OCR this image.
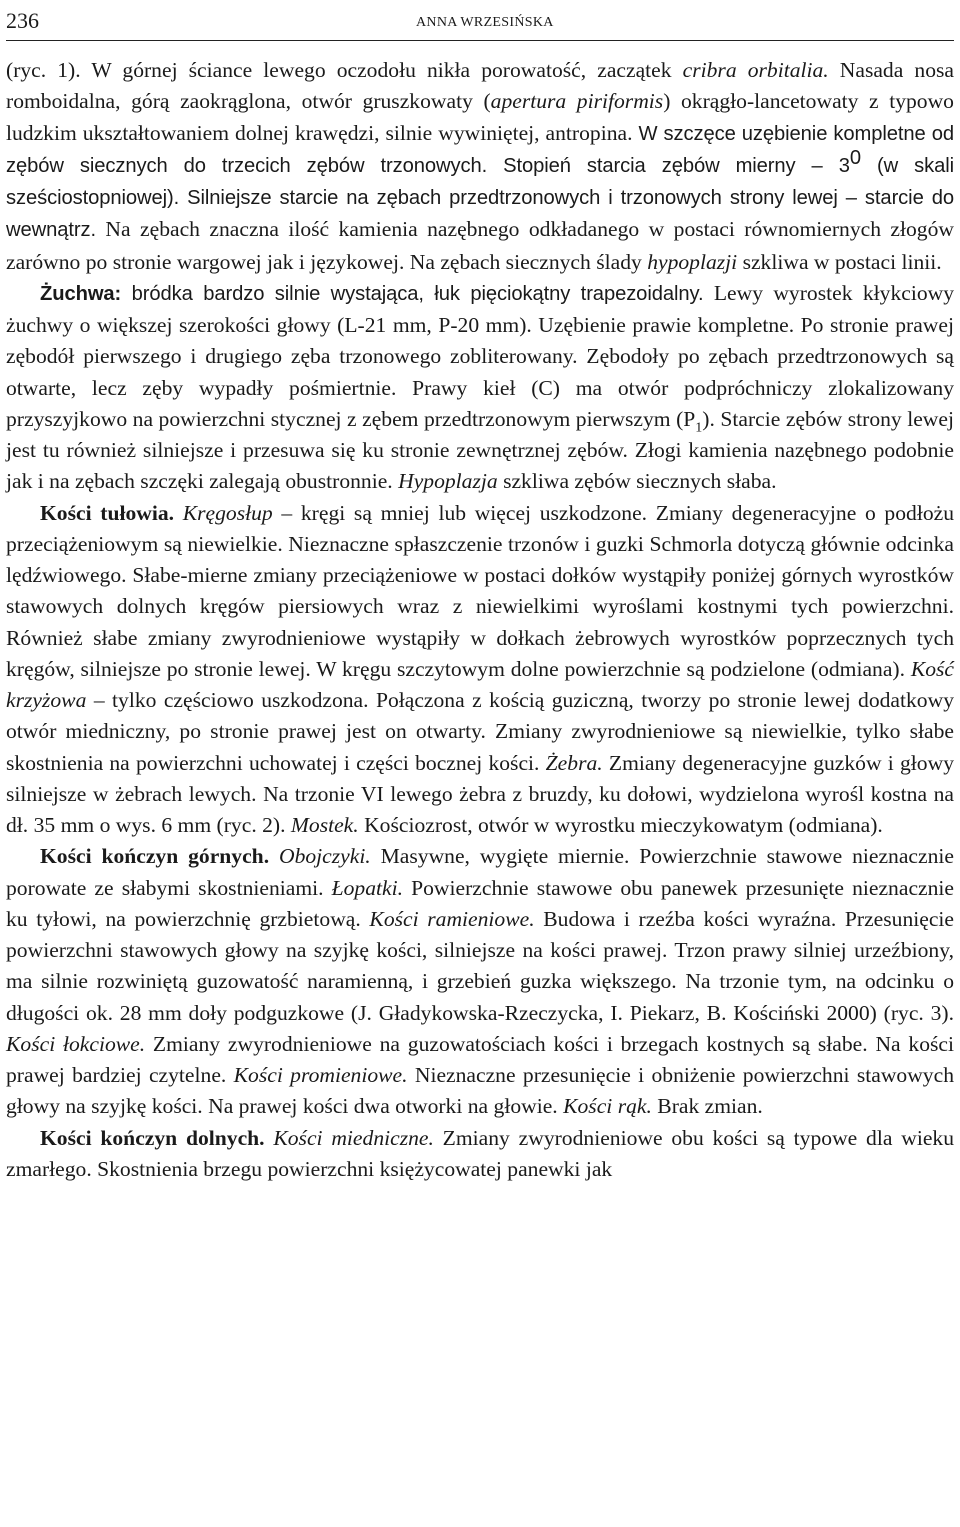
236	ANNA WRZESIŃSKA

(ryc. 1). W górnej ściance lewego oczodołu nikła porowatość, zaczątek cribra orbitalia. Nasada nosa romboidalna, górą zaokrąglona, otwór gruszkowaty (apertura piriformis) okrągło-lancetowaty z typowo ludzkim ukształtowaniem dolnej krawędzi, silnie wywiniętej, antropina. W szczęce uzębienie kompletne od zębów siecznych do trzecich zębów trzonowych. Stopień starcia zębów mierny – $3^0$ (w skali sześciostopniowej). Silniejsze starcie na zębach przedtrzonowych i trzonowych strony lewej – starcie do wewnątrz. Na zębach znaczna ilość kamienia nazębnego odkładanego w postaci równomiernych złogów zarówno po stronie wargowej jak i językowej. Na zębach siecznych ślady hypoplazji szkliwa w postaci linii.

Żuchwa: bródka bardzo silnie wystająca, łuk pięciokątny trapezoidalny. Lewy wyrostek kłykciowy żuchwy o większej szerokości głowy (L-21 mm, P-20 mm). Uzębienie prawie kompletne. Po stronie prawej zębodół pierwszego i drugiego zęba trzonowego zobliterowany. Zębodoły po zębach przedtrzonowych są otwarte, lecz zęby wypadły pośmiertnie. Prawy kieł (C) ma otwór podpróchniczy zlokalizowany przyszyjkowo na powierzchni stycznej z zębem przedtrzonowym pierwszym $(P_1)$. Starcie zębów strony lewej jest tu również silniejsze i przesuwa się ku stronie zewnętrznej zębów. Złogi kamienia nazębnego podobnie jak i na zębach szczęki zalegają obustronnie. Hypoplazja szkliwa zębów siecznych słaba.

Kości tułowia. Kręgosłup – kręgi są mniej lub więcej uszkodzone. Zmiany degeneracyjne o podłożu przeciążeniowym są niewielkie. Nieznaczne spłaszczenie trzonów i guzki Schmorla dotyczą głównie odcinka lędźwiowego. Słabe-mierne zmiany przeciążeniowe w postaci dołków wystąpiły poniżej górnych wyrostków stawowych dolnych kręgów piersiowych wraz z niewielkimi wyroślami kostnymi tych powierzchni. Również słabe zmiany zwyrodnieniowe wystąpiły w dołkach żebrowych wyrostków poprzecznych tych kręgów, silniejsze po stronie lewej. W kręgu szczytowym dolne powierzchnie są podzielone (odmiana). Kość krzyżowa – tylko częściowo uszkodzona. Połączona z kością guziczną, tworzy po stronie lewej dodatkowy otwór miedniczny, po stronie prawej jest on otwarty. Zmiany zwyrodnieniowe są niewielkie, tylko słabe skostnienia na powierzchni uchowatej i części bocznej kości. Żebra. Zmiany degeneracyjne guzków i głowy silniejsze w żebrach lewych. Na trzonie VI lewego żebra z bruzdy, ku dołowi, wydzielona wyrośl kostna na dł. 35 mm o wys. 6 mm (ryc. 2). Mostek. Kościozrost, otwór w wyrostku mieczykowatym (odmiana).

Kości kończyn górnych. Obojczyki. Masywne, wygięte miernie. Powierzchnie stawowe nieznacznie porowate ze słabymi skostnieniami. Łopatki. Powierzchnie stawowe obu panewek przesunięte nieznacznie ku tyłowi, na powierzchnię grzbietową. Kości ramieniowe. Budowa i rzeźba kości wyraźna. Przesunięcie powierzchni stawowych głowy na szyjkę kości, silniejsze na kości prawej. Trzon prawy silniej urzeźbiony, ma silnie rozwiniętą guzowatość naramienną, i grzebień guzka większego. Na trzonie tym, na odcinku o długości ok. 28 mm doły podguzkowe (J. Gładykowska-Rzeczycka, I. Piekarz, B. Kościński 2000) (ryc. 3). Kości łokciowe. Zmiany zwyrodnieniowe na guzowatościach kości i brzegach kostnych są słabe. Na kości prawej bardziej czytelne. Kości promieniowe. Nieznaczne przesunięcie i obniżenie powierzchni stawowych głowy na szyjkę kości. Na prawej kości dwa otworki na głowie. Kości rąk. Brak zmian.

Kości kończyn dolnych. Kości miedniczne. Zmiany zwyrodnieniowe obu kości są typowe dla wieku zmarłego. Skostnienia brzegu powierzchni księżycowatej panewki jak
